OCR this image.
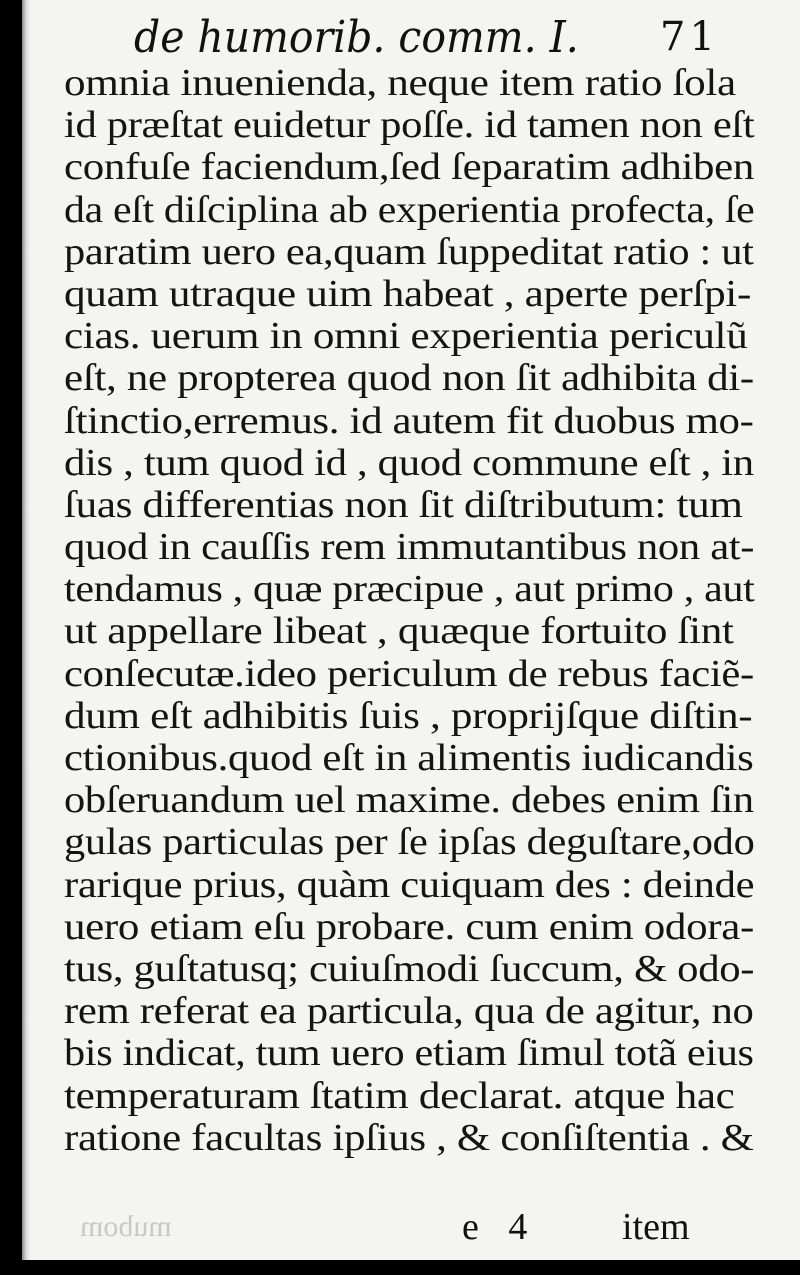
de humorib. comm. I. 71
omnia inuenienda, neque item ratio ſola
id præſtat euidetur poſſe. id tamen non eſt
confuſe faciendum,ſed ſeparatim adhiben
da eſt diſciplina ab experientia profecta, ſe
paratim uero ea,quam ſuppeditat ratio : ut
quam utraque uim habeat , aperte perſpi-
cias. uerum in omni experientia periculũ
eſt, ne propterea quod non ſit adhibita di-
ſtinctio,erremus. id autem fit duobus mo-
dis , tum quod id , quod commune eſt , in
ſuas differentias non ſit diſtributum: tum
quod in cauſſis rem immutantibus non at-
tendamus , quæ præcipue , aut primo , aut
ut appellare libeat , quæque fortuito ſint
conſecutæ.ideo periculum de rebus faciẽ-
dum eſt adhibitis ſuis , proprijſque diſtin-
ctionibus.quod eſt in alimentis iudicandis
obſeruandum uel maxime. debes enim ſin
gulas particulas per ſe ipſas deguſtare,odo
rarique prius, quàm cuiquam des : deinde
uero etiam eſu probare. cum enim odora-
tus, guſtatusq; cuiuſmodi ſuccum, & odo-
rem referat ea particula, qua de agitur, no
bis indicat, tum uero etiam ſimul totã eius
temperaturam ſtatim declarat. atque hac
ratione facultas ipſius , & conſiſtentia . &
mubom	e 4 item
